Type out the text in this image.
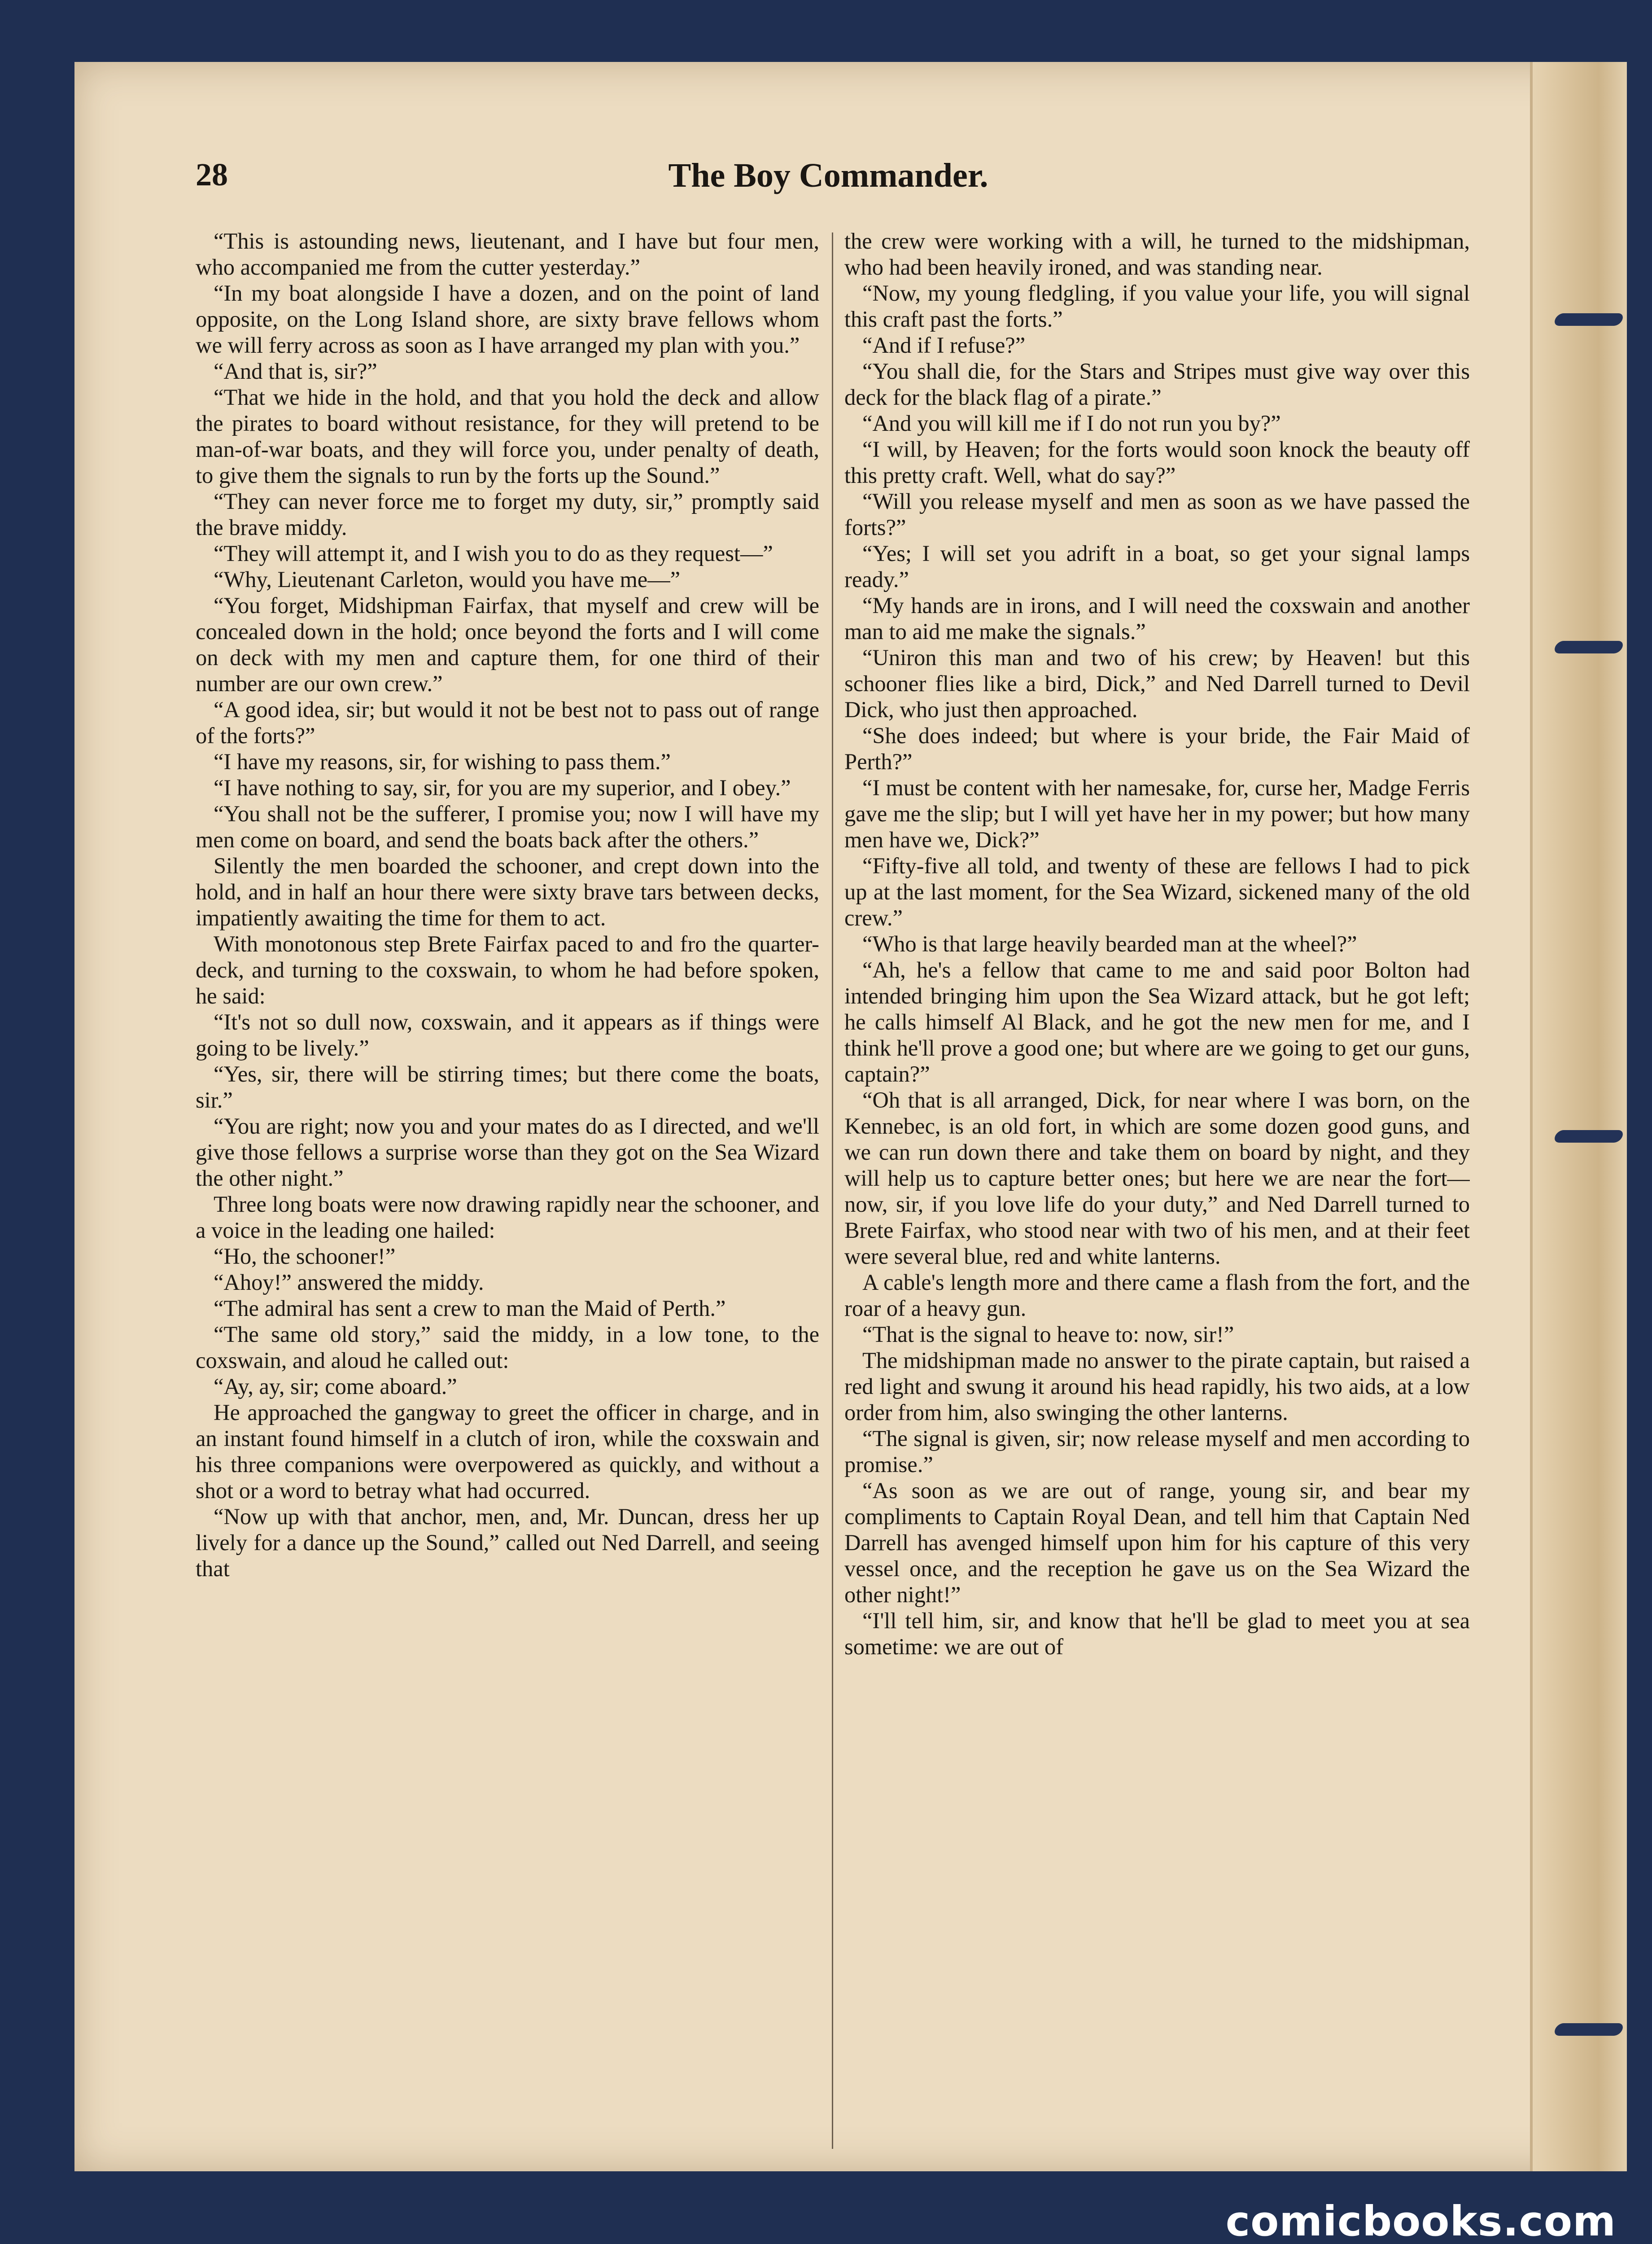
28	The Boy Commander.

“This is astounding news, lieutenant, and I have but four men, who accompanied me from the cutter yesterday.”

“In my boat alongside I have a dozen, and on the point of land opposite, on the Long Island shore, are sixty brave fellows whom we will ferry across as soon as I have arranged my plan with you.”

“And that is, sir?”

“That we hide in the hold, and that you hold the deck and allow the pirates to board without resistance, for they will pretend to be man-of-war boats, and they will force you, under penalty of death, to give them the signals to run by the forts up the Sound.”

“They can never force me to forget my duty, sir,” promptly said the brave middy.

“They will attempt it, and I wish you to do as they request—”

“Why, Lieutenant Carleton, would you have me—”

“You forget, Midshipman Fairfax, that myself and crew will be concealed down in the hold; once beyond the forts and I will come on deck with my men and capture them, for one third of their number are our own crew.”

“A good idea, sir; but would it not be best not to pass out of range of the forts?”

“I have my reasons, sir, for wishing to pass them.”

“I have nothing to say, sir, for you are my superior, and I obey.”

“You shall not be the sufferer, I promise you; now I will have my men come on board, and send the boats back after the others.”

Silently the men boarded the schooner, and crept down into the hold, and in half an hour there were sixty brave tars between decks, impatiently awaiting the time for them to act.

With monotonous step Brete Fairfax paced to and fro the quarter-deck, and turning to the coxswain, to whom he had before spoken, he said:

“It's not so dull now, coxswain, and it appears as if things were going to be lively.”

“Yes, sir, there will be stirring times; but there come the boats, sir.”

“You are right; now you and your mates do as I directed, and we'll give those fellows a surprise worse than they got on the Sea Wizard the other night.”

Three long boats were now drawing rapidly near the schooner, and a voice in the leading one hailed:

“Ho, the schooner!”

“Ahoy!” answered the middy.

“The admiral has sent a crew to man the Maid of Perth.”

“The same old story,” said the middy, in a low tone, to the coxswain, and aloud he called out:

“Ay, ay, sir; come aboard.”

He approached the gangway to greet the officer in charge, and in an instant found himself in a clutch of iron, while the coxswain and his three companions were overpowered as quickly, and without a shot or a word to betray what had occurred.

“Now up with that anchor, men, and, Mr. Duncan, dress her up lively for a dance up the Sound,” called out Ned Darrell, and seeing that

the crew were working with a will, he turned to the midshipman, who had been heavily ironed, and was standing near.

“Now, my young fledgling, if you value your life, you will signal this craft past the forts.”

“And if I refuse?”

“You shall die, for the Stars and Stripes must give way over this deck for the black flag of a pirate.”

“And you will kill me if I do not run you by?”

“I will, by Heaven; for the forts would soon knock the beauty off this pretty craft. Well, what do say?”

“Will you release myself and men as soon as we have passed the forts?”

“Yes; I will set you adrift in a boat, so get your signal lamps ready.”

“My hands are in irons, and I will need the coxswain and another man to aid me make the signals.”

“Uniron this man and two of his crew; by Heaven! but this schooner flies like a bird, Dick,” and Ned Darrell turned to Devil Dick, who just then approached.

“She does indeed; but where is your bride, the Fair Maid of Perth?”

“I must be content with her namesake, for, curse her, Madge Ferris gave me the slip; but I will yet have her in my power; but how many men have we, Dick?”

“Fifty-five all told, and twenty of these are fellows I had to pick up at the last moment, for the Sea Wizard, sickened many of the old crew.”

“Who is that large heavily bearded man at the wheel?”

“Ah, he's a fellow that came to me and said poor Bolton had intended bringing him upon the Sea Wizard attack, but he got left; he calls himself Al Black, and he got the new men for me, and I think he'll prove a good one; but where are we going to get our guns, captain?”

“Oh that is all arranged, Dick, for near where I was born, on the Kennebec, is an old fort, in which are some dozen good guns, and we can run down there and take them on board by night, and they will help us to capture better ones; but here we are near the fort—now, sir, if you love life do your duty,” and Ned Darrell turned to Brete Fairfax, who stood near with two of his men, and at their feet were several blue, red and white lanterns.

A cable's length more and there came a flash from the fort, and the roar of a heavy gun.

“That is the signal to heave to: now, sir!”

The midshipman made no answer to the pirate captain, but raised a red light and swung it around his head rapidly, his two aids, at a low order from him, also swinging the other lanterns.

“The signal is given, sir; now release myself and men according to promise.”

“As soon as we are out of range, young sir, and bear my compliments to Captain Royal Dean, and tell him that Captain Ned Darrell has avenged himself upon him for his capture of this very vessel once, and the reception he gave us on the Sea Wizard the other night!”

“I'll tell him, sir, and know that he'll be glad to meet you at sea sometime: we are out of

comicbooks.com
